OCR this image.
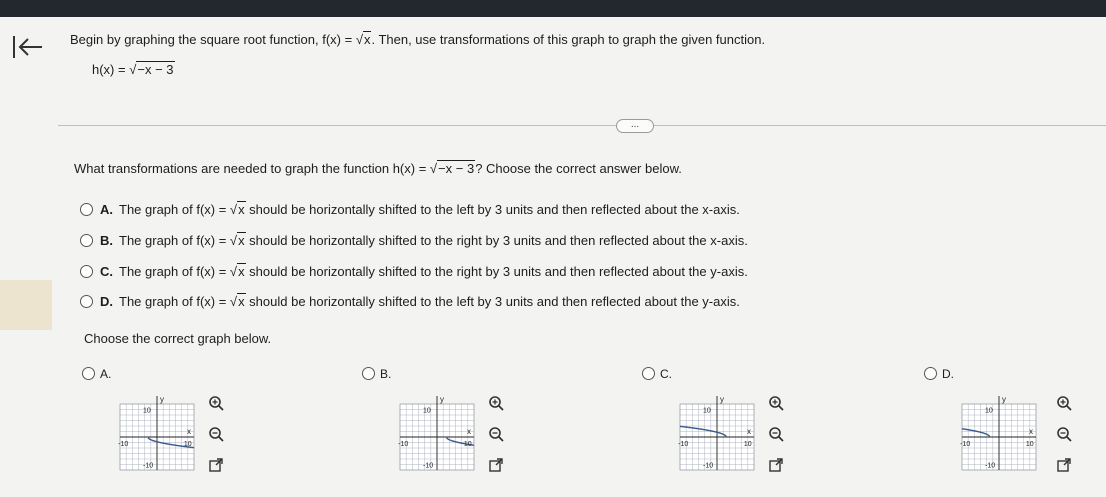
Begin by graphing the square root function, f(x) = √x. Then, use transformations of this graph to graph the given function.
h(x) = √−x − 3
...
What transformations are needed to graph the function h(x) = √−x − 3? Choose the correct answer below.
A. The graph of f(x) = √x should be horizontally shifted to the left by 3 units and then reflected about the x-axis.
B. The graph of f(x) = √x should be horizontally shifted to the right by 3 units and then reflected about the x-axis.
C. The graph of f(x) = √x should be horizontally shifted to the right by 3 units and then reflected about the y-axis.
D. The graph of f(x) = √x should be horizontally shifted to the left by 3 units and then reflected about the y-axis.
Choose the correct graph below.
A.
y
x
10
-10
-10	10
B.
y
x
10
-10
-10	10
C.
y
x
10
-10
-10	10
D.
y
x
10
-10
-10	10
